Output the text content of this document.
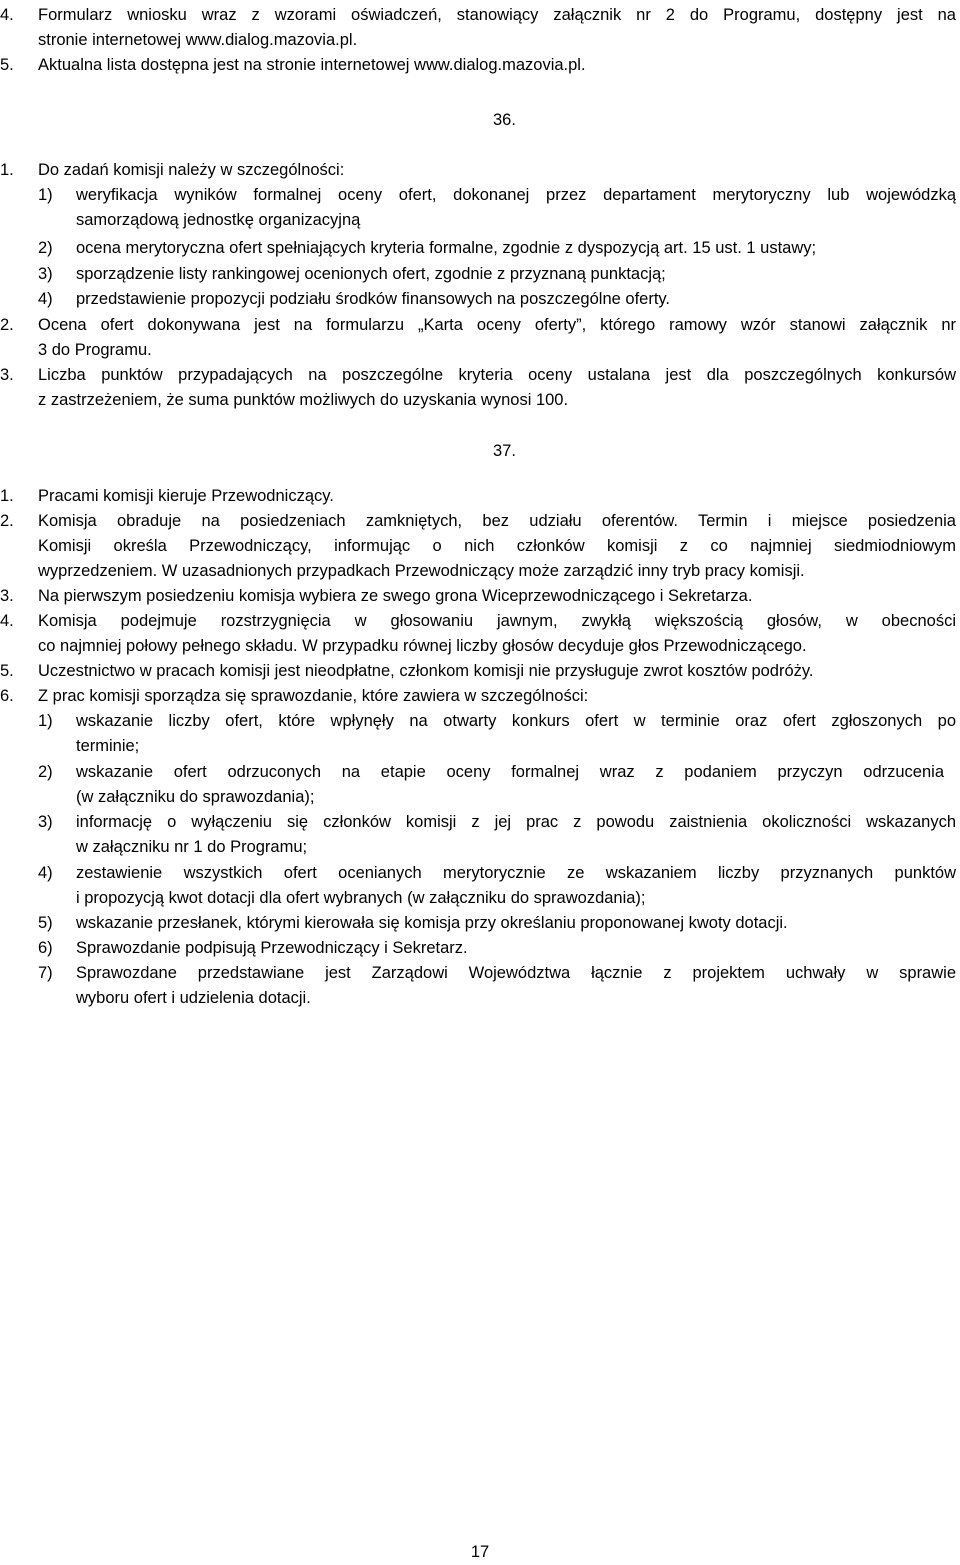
4. Formularz wniosku wraz z wzorami oświadczeń, stanowiący załącznik nr 2 do Programu, dostępny jest na
stronie internetowej www.dialog.mazovia.pl.
5. Aktualna lista dostępna jest na stronie internetowej www.dialog.mazovia.pl.
36.
1. Do zadań komisji należy w szczególności:
1) weryfikacja wyników formalnej oceny ofert, dokonanej przez departament merytoryczny lub wojewódzką
samorządową jednostkę organizacyjną
2) ocena merytoryczna ofert spełniających kryteria formalne, zgodnie z dyspozycją art. 15 ust. 1 ustawy;
3) sporządzenie listy rankingowej ocenionych ofert, zgodnie z przyznaną punktacją;
4) przedstawienie propozycji podziału środków finansowych na poszczególne oferty.
2. Ocena ofert dokonywana jest na formularzu „Karta oceny oferty”, którego ramowy wzór stanowi załącznik nr
3 do Programu.
3. Liczba punktów przypadających na poszczególne kryteria oceny ustalana jest dla poszczególnych konkursów
z zastrzeżeniem, że suma punktów możliwych do uzyskania wynosi 100.
37.
1. Pracami komisji kieruje Przewodniczący.
2. Komisja obraduje na posiedzeniach zamkniętych, bez udziału oferentów. Termin i miejsce posiedzenia
Komisji określa Przewodniczący, informując o nich członków komisji z co najmniej siedmiodniowym
wyprzedzeniem. W uzasadnionych przypadkach Przewodniczący może zarządzić inny tryb pracy komisji.
3. Na pierwszym posiedzeniu komisja wybiera ze swego grona Wiceprzewodniczącego i Sekretarza.
4. Komisja podejmuje rozstrzygnięcia w głosowaniu jawnym, zwykłą większością głosów, w obecności
co najmniej połowy pełnego składu. W przypadku równej liczby głosów decyduje głos Przewodniczącego.
5. Uczestnictwo w pracach komisji jest nieodpłatne, członkom komisji nie przysługuje zwrot kosztów podróży.
6. Z prac komisji sporządza się sprawozdanie, które zawiera w szczególności:
1) wskazanie liczby ofert, które wpłynęły na otwarty konkurs ofert w terminie oraz ofert zgłoszonych po
terminie;
2) wskazanie ofert odrzuconych na etapie oceny formalnej wraz z podaniem przyczyn odrzucenia
(w załączniku do sprawozdania);
3) informację o wyłączeniu się członków komisji z jej prac z powodu zaistnienia okoliczności wskazanych
w załączniku nr 1 do Programu;
4) zestawienie wszystkich ofert ocenianych merytorycznie ze wskazaniem liczby przyznanych punktów
i propozycją kwot dotacji dla ofert wybranych (w załączniku do sprawozdania);
5) wskazanie przesłanek, którymi kierowała się komisja przy określaniu proponowanej kwoty dotacji.
6) Sprawozdanie podpisują Przewodniczący i Sekretarz.
7) Sprawozdane przedstawiane jest Zarządowi Województwa łącznie z projektem uchwały w sprawie
wyboru ofert i udzielenia dotacji.
17
